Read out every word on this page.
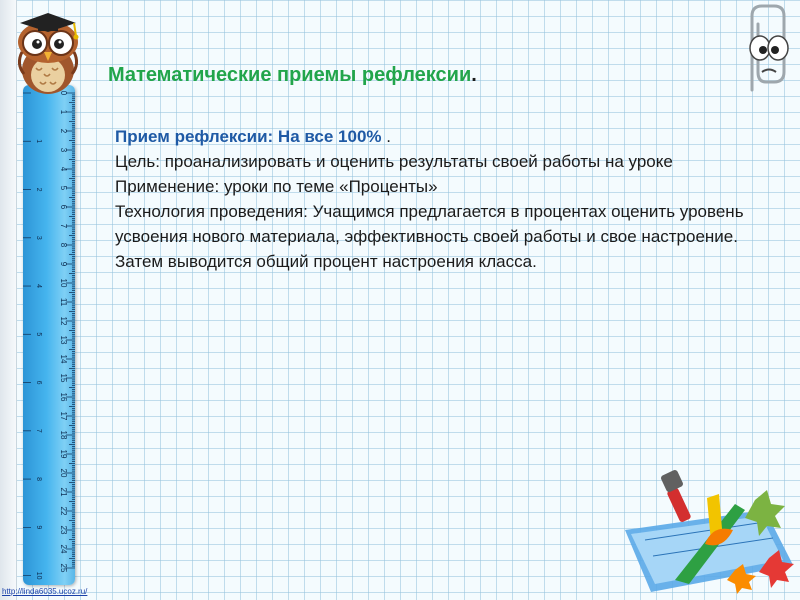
0
1
2
3
4
5
6
7
8
9
10
11
12
13
14
15
16
17
18
19
20
21
22
23
24
25
1
2
3
4
5
6
7
8
9
10
Математические приемы рефлексии.

Прием рефлексии: На все 100% .

Цель: проанализировать и оценить результаты своей работы на уроке

Применение: уроки по теме «Проценты»

Технология проведения: Учащимся предлагается в процентах оценить уровень усвоения нового материала, эффективность своей работы и свое настроение. Затем выводится общий процент настроения класса.

http://linda6035.ucoz.ru/
